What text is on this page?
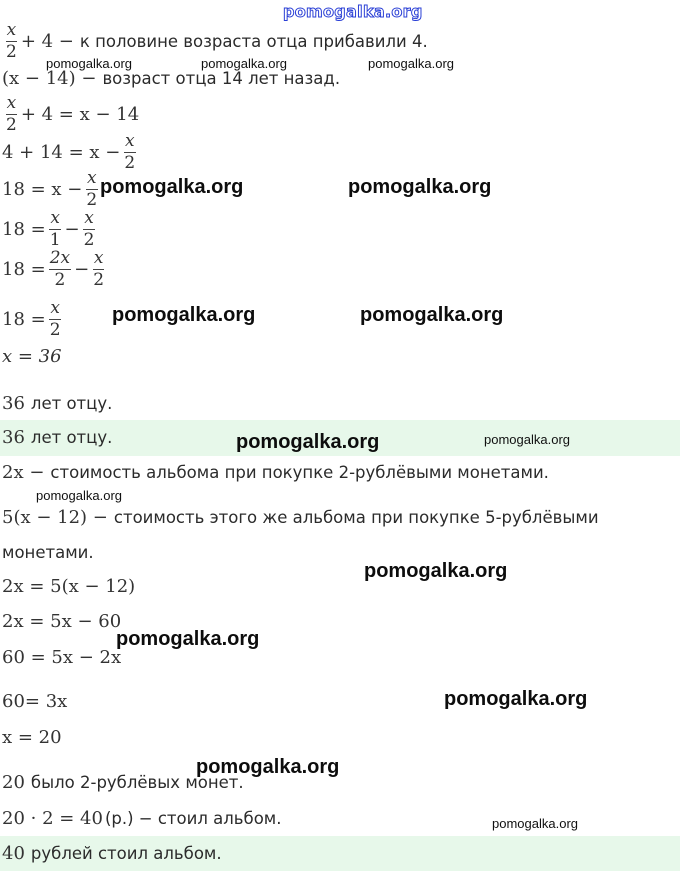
$\frac{x}{2} + 4 - к$ половине возраста отца прибавили 4.
(x − 14) − возраст отца 14 лет назад.
$\frac{x}{2} + 4 = x - 14$
$4 + 14 = x - \frac{x}{2}$
$18 = x - \frac{x}{2}$
$18 = \frac{x}{1} - \frac{x}{2}$
$18 = \frac{2x}{2} - \frac{x}{2}$
$18 = \frac{x}{2}$
x = 36
36 лет отцу.
36 лет отцу.
2x − стоимость альбома при покупке 2-рублёвыми монетами.
5(x − 12) − стоимость этого же альбома при покупке 5-рублёвыми
монетами.
2x = 5(x − 12)
2x = 5x − 60
60 = 5x − 2x
60= 3x
x = 20
20 было 2-рублёвых монет.
20 · 2 = 40 (р.) − стоил альбом.
40 рублей стоил альбом.
pomogalka.org
pomogalka.org	pomogalka.org	pomogalka.org
pomogalka.org	pomogalka.org
pomogalka.org	pomogalka.org
pomogalka.org	pomogalka.org
pomogalka.org
pomogalka.org
pomogalka.org
pomogalka.org
pomogalka.org
pomogalka.org
